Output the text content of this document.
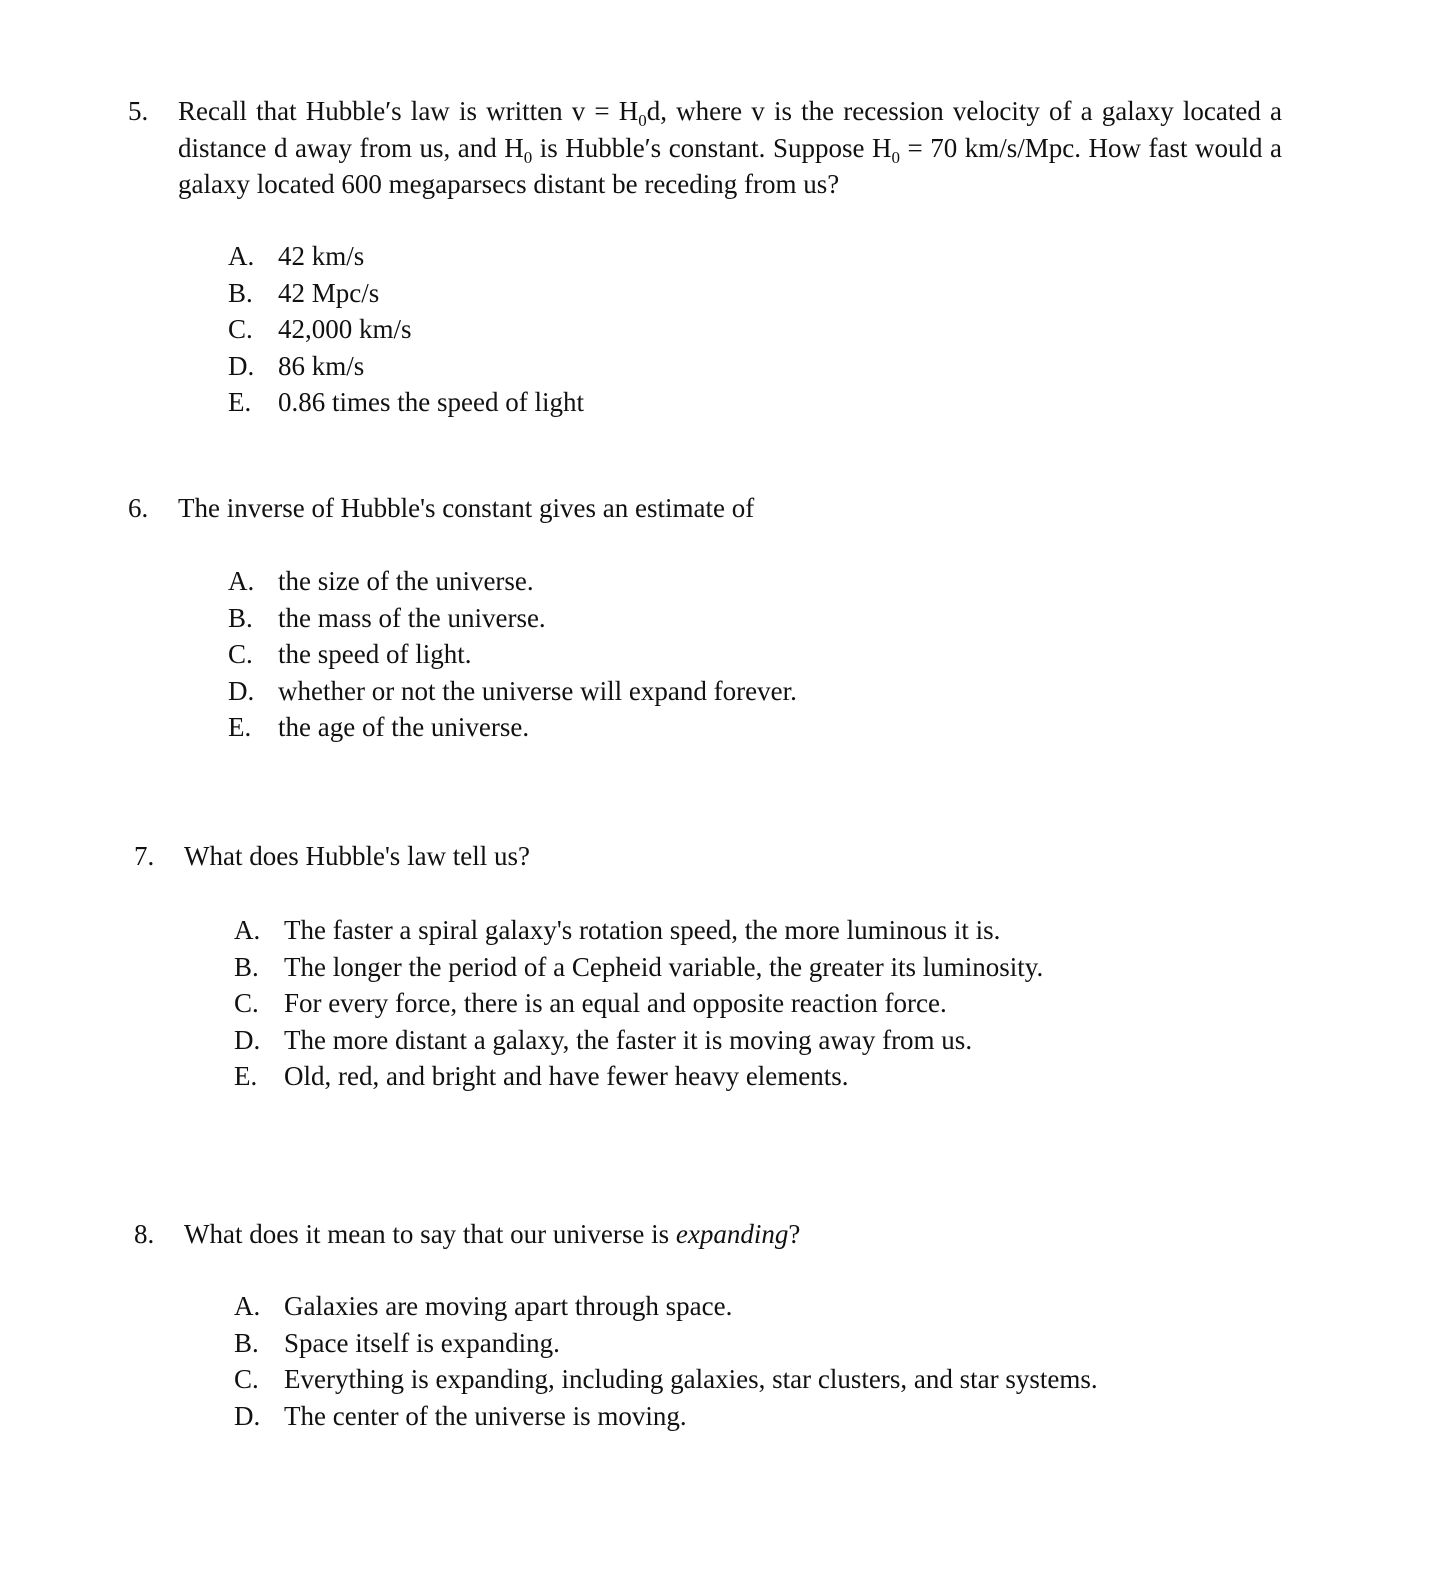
5. Recall that Hubble′s law is written $v = H_0d$, where v is the recession velocity of a galaxy located a distance d away from us, and $H_0$ is Hubble′s constant. Suppose $H_0 = 70$ km/s/Mpc. How fast would a galaxy located 600 megaparsecs distant be receding from us?
A. 42 km/s
B. 42 Mpc/s
C. 42,000 km/s
D. 86 km/s
E. 0.86 times the speed of light
6. The inverse of Hubble's constant gives an estimate of
A. the size of the universe.
B. the mass of the universe.
C. the speed of light.
D. whether or not the universe will expand forever.
E. the age of the universe.
7. What does Hubble's law tell us?
A. The faster a spiral galaxy's rotation speed, the more luminous it is.
B. The longer the period of a Cepheid variable, the greater its luminosity.
C. For every force, there is an equal and opposite reaction force.
D. The more distant a galaxy, the faster it is moving away from us.
E. Old, red, and bright and have fewer heavy elements.
8. What does it mean to say that our universe is expanding?
A. Galaxies are moving apart through space.
B. Space itself is expanding.
C. Everything is expanding, including galaxies, star clusters, and star systems.
D. The center of the universe is moving.
